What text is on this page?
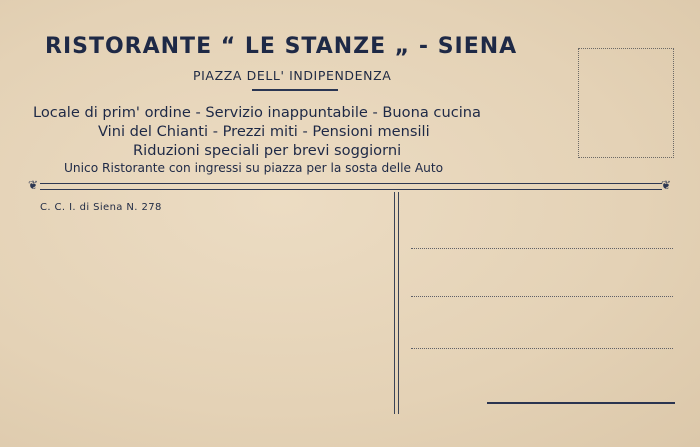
RISTORANTE “ LE STANZE „ - SIENA
PIAZZA DELL' INDIPENDENZA
Locale di prim' ordine - Servizio inappuntabile - Buona cucina
Vini del Chianti - Prezzi miti - Pensioni mensili
Riduzioni speciali per brevi soggiorni
Unico Ristorante con ingressi su piazza per la sosta delle Auto
❦	❦
C. C. I. di Siena N. 278
